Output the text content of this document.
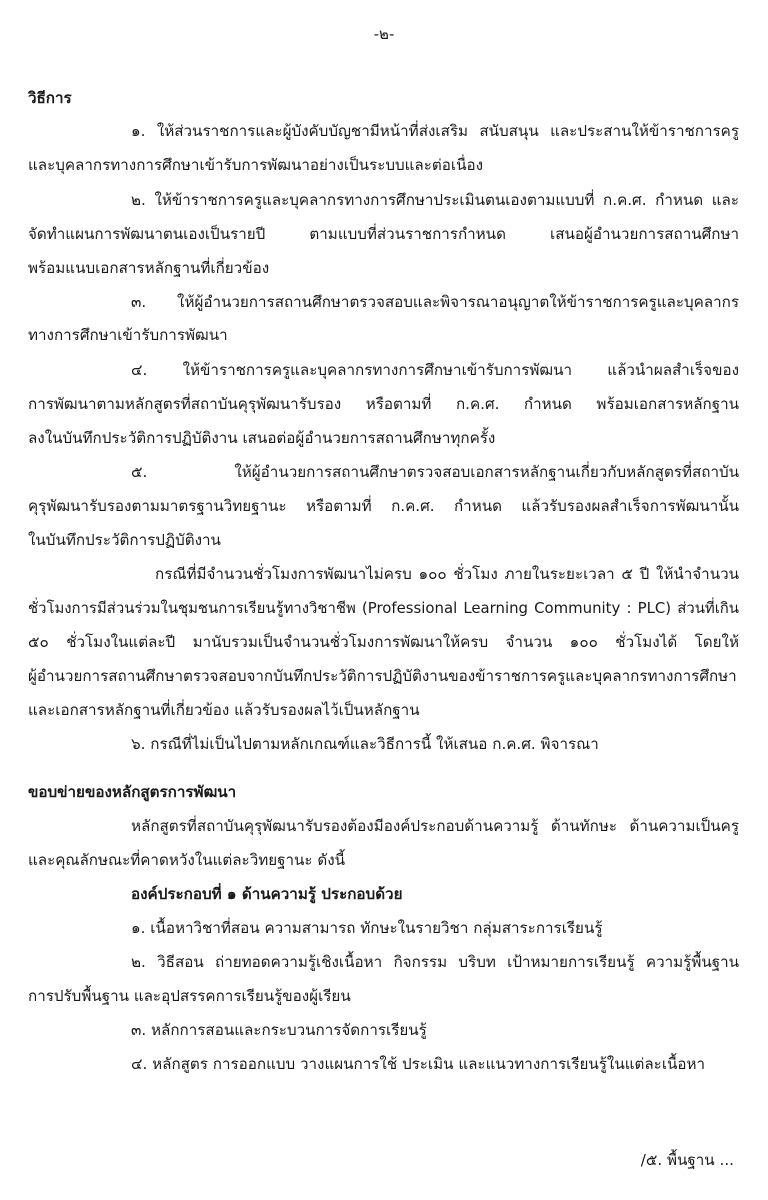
-๒-
วิธีการ
๑. ให้ส่วนราชการและผู้บังคับบัญชามีหน้าที่ส่งเสริม สนับสนุน และประสานให้ข้าราชการครู
และบุคลากรทางการศึกษาเข้ารับการพัฒนาอย่างเป็นระบบและต่อเนื่อง
๒. ให้ข้าราชการครูและบุคลากรทางการศึกษาประเมินตนเองตามแบบที่ ก.ค.ศ. กำหนด และ
จัดทำแผนการพัฒนาตนเองเป็นรายปี ตามแบบที่ส่วนราชการกำหนด เสนอผู้อำนวยการสถานศึกษา
พร้อมแนบเอกสารหลักฐานที่เกี่ยวข้อง
๓. ให้ผู้อำนวยการสถานศึกษาตรวจสอบและพิจารณาอนุญาตให้ข้าราชการครูและบุคลากร
ทางการศึกษาเข้ารับการพัฒนา
๔. ให้ข้าราชการครูและบุคลากรทางการศึกษาเข้ารับการพัฒนา แล้วนำผลสำเร็จของ
การพัฒนาตามหลักสูตรที่สถาบันคุรุพัฒนารับรอง หรือตามที่ ก.ค.ศ. กำหนด พร้อมเอกสารหลักฐาน
ลงในบันทึกประวัติการปฏิบัติงาน เสนอต่อผู้อำนวยการสถานศึกษาทุกครั้ง
๕. ให้ผู้อำนวยการสถานศึกษาตรวจสอบเอกสารหลักฐานเกี่ยวกับหลักสูตรที่สถาบัน
คุรุพัฒนารับรองตามมาตรฐานวิทยฐานะ หรือตามที่ ก.ค.ศ. กำหนด แล้วรับรองผลสำเร็จการพัฒนานั้น
ในบันทึกประวัติการปฏิบัติงาน
กรณีที่มีจำนวนชั่วโมงการพัฒนาไม่ครบ ๑๐๐ ชั่วโมง ภายในระยะเวลา ๕ ปี ให้นำจำนวน
ชั่วโมงการมีส่วนร่วมในชุมชนการเรียนรู้ทางวิชาชีพ (Professional Learning Community : PLC) ส่วนที่เกิน
๕๐ ชั่วโมงในแต่ละปี มานับรวมเป็นจำนวนชั่วโมงการพัฒนาให้ครบ จำนวน ๑๐๐ ชั่วโมงได้ โดยให้
ผู้อำนวยการสถานศึกษาตรวจสอบจากบันทึกประวัติการปฏิบัติงานของข้าราชการครูและบุคลากรทางการศึกษา
และเอกสารหลักฐานที่เกี่ยวข้อง แล้วรับรองผลไว้เป็นหลักฐาน
๖. กรณีที่ไม่เป็นไปตามหลักเกณฑ์และวิธีการนี้ ให้เสนอ ก.ค.ศ. พิจารณา
ขอบข่ายของหลักสูตรการพัฒนา
หลักสูตรที่สถาบันคุรุพัฒนารับรองต้องมีองค์ประกอบด้านความรู้ ด้านทักษะ ด้านความเป็นครู
และคุณลักษณะที่คาดหวังในแต่ละวิทยฐานะ ดังนี้
องค์ประกอบที่ ๑ ด้านความรู้ ประกอบด้วย
๑. เนื้อหาวิชาที่สอน ความสามารถ ทักษะในรายวิชา กลุ่มสาระการเรียนรู้
๒. วิธีสอน ถ่ายทอดความรู้เชิงเนื้อหา กิจกรรม บริบท เป้าหมายการเรียนรู้ ความรู้พื้นฐาน
การปรับพื้นฐาน และอุปสรรคการเรียนรู้ของผู้เรียน
๓. หลักการสอนและกระบวนการจัดการเรียนรู้
๔. หลักสูตร การออกแบบ วางแผนการใช้ ประเมิน และแนวทางการเรียนรู้ในแต่ละเนื้อหา
/๕. พื้นฐาน ...
